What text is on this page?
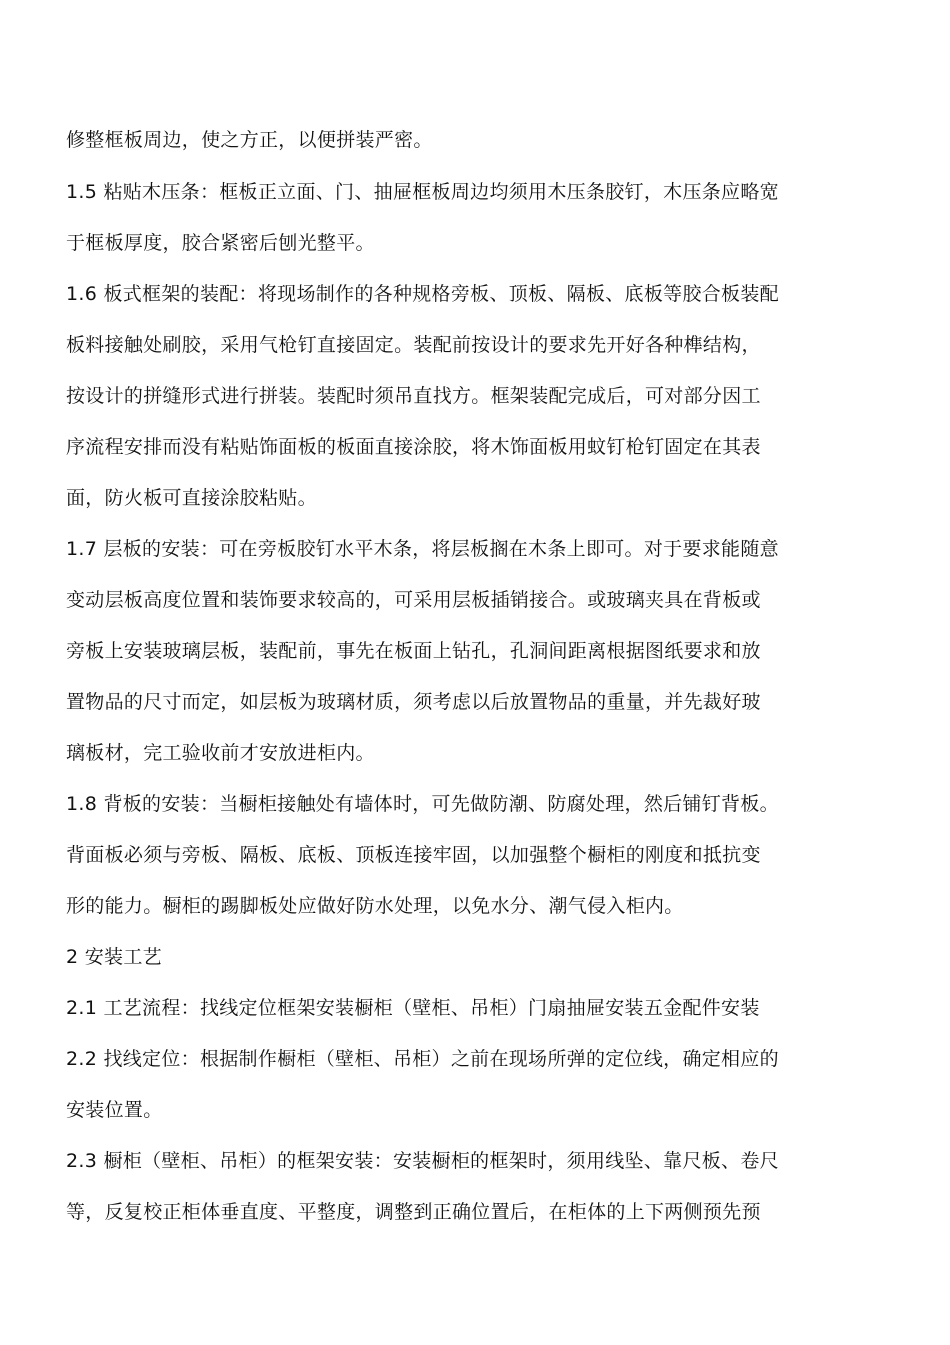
修整框板周边，使之方正，以便拼装严密。
1.5 粘贴木压条：框板正立面、门、抽屉框板周边均须用木压条胶钉，木压条应略宽
于框板厚度，胶合紧密后刨光整平。
1.6 板式框架的装配：将现场制作的各种规格旁板、顶板、隔板、底板等胶合板装配
板料接触处刷胶，采用气枪钉直接固定。装配前按设计的要求先开好各种榫结构，
按设计的拼缝形式进行拼装。装配时须吊直找方。框架装配完成后，可对部分因工
序流程安排而没有粘贴饰面板的板面直接涂胶，将木饰面板用蚊钉枪钉固定在其表
面，防火板可直接涂胶粘贴。
1.7 层板的安装：可在旁板胶钉水平木条，将层板搁在木条上即可。对于要求能随意
变动层板高度位置和装饰要求较高的，可采用层板插销接合。或玻璃夹具在背板或
旁板上安装玻璃层板，装配前，事先在板面上钻孔，孔洞间距离根据图纸要求和放
置物品的尺寸而定，如层板为玻璃材质，须考虑以后放置物品的重量，并先裁好玻
璃板材，完工验收前才安放进柜内。
1.8 背板的安装：当橱柜接触处有墙体时，可先做防潮、防腐处理，然后铺钉背板。
背面板必须与旁板、隔板、底板、顶板连接牢固，以加强整个橱柜的刚度和抵抗变
形的能力。橱柜的踢脚板处应做好防水处理，以免水分、潮气侵入柜内。
2 安装工艺
2.1 工艺流程：找线定位框架安装橱柜（壁柜、吊柜）门扇抽屉安装五金配件安装
2.2 找线定位：根据制作橱柜（壁柜、吊柜）之前在现场所弹的定位线，确定相应的
安装位置。
2.3 橱柜（壁柜、吊柜）的框架安装：安装橱柜的框架时，须用线坠、靠尺板、卷尺
等，反复校正柜体垂直度、平整度，调整到正确位置后，在柜体的上下两侧预先预
